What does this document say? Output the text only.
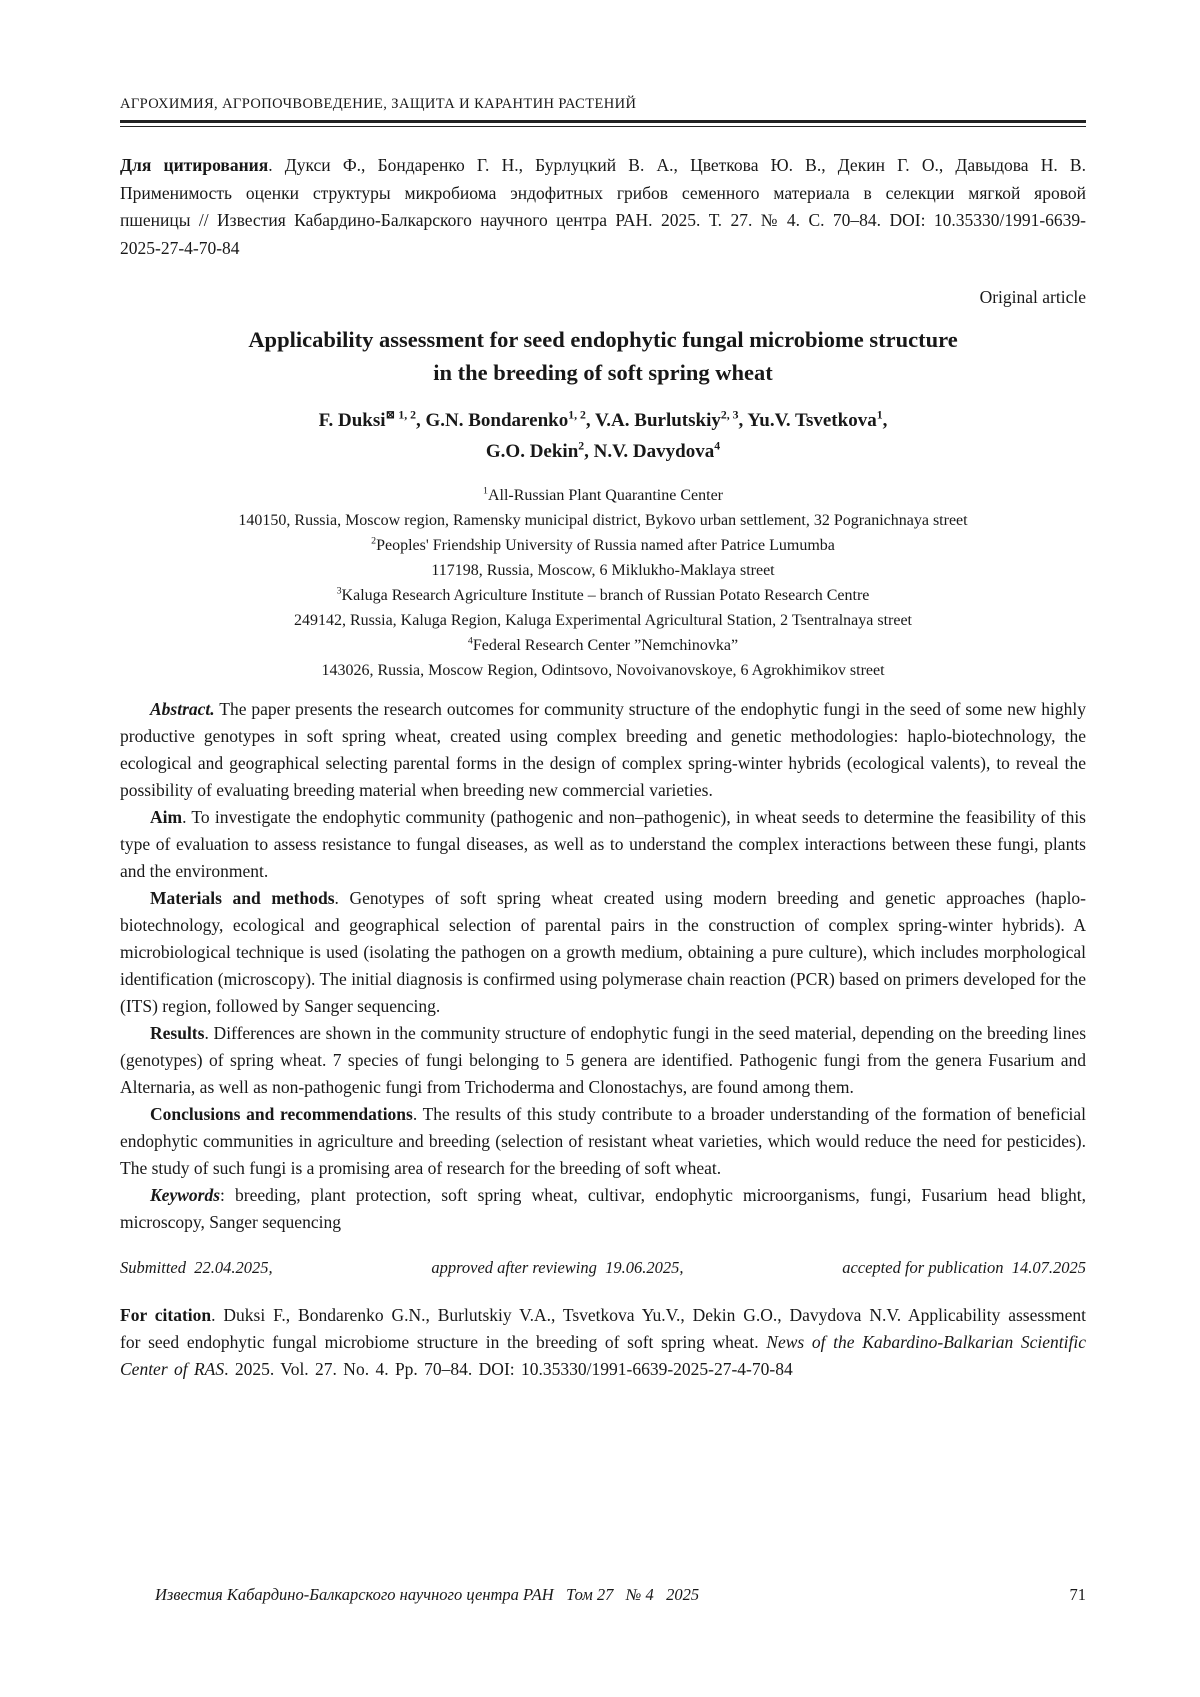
АГРОХИМИЯ, АГРОПОЧВОВЕДЕНИЕ, ЗАЩИТА И КАРАНТИН РАСТЕНИЙ

Для цитирования. Дукси Ф., Бондаренко Г. Н., Бурлуцкий В. А., Цветкова Ю. В., Декин Г. О., Давыдова Н. В. Применимость оценки структуры микробиома эндофитных грибов семенного материала в селекции мягкой яровой пшеницы // Известия Кабардино-Балкарского научного центра РАН. 2025. Т. 27. № 4. С. 70–84. DOI: 10.35330/1991-6639-2025-27-4-70-84

Original article
Applicability assessment for seed endophytic fungal microbiome structure
in the breeding of soft spring wheat
F. Duksi⊠ $^{1, 2}$, G.N. Bondarenko$^{1, 2}$, V.A. Burlutskiy$^{2, 3}$, Yu.V. Tsvetkova$^1$,
G.O. Dekin$^2$, N.V. Davydova$^4$
$^1$All-Russian Plant Quarantine Center
140150, Russia, Moscow region, Ramensky municipal district, Bykovo urban settlement, 32 Pogranichnaya street
$^2$Peoples' Friendship University of Russia named after Patrice Lumumba
117198, Russia, Moscow, 6 Miklukho-Maklaya street
$^3$Kaluga Research Agriculture Institute – branch of Russian Potato Research Centre
249142, Russia, Kaluga Region, Kaluga Experimental Agricultural Station, 2 Tsentralnaya street
$^4$Federal Research Center ”Nemchinovka”
143026, Russia, Moscow Region, Odintsovo, Novoivanovskoye, 6 Agrokhimikov street

Abstract. The paper presents the research outcomes for community structure of the endophytic fungi in the seed of some new highly productive genotypes in soft spring wheat, created using complex breeding and genetic methodologies: haplo-biotechnology, the ecological and geographical selecting parental forms in the design of complex spring-winter hybrids (ecological valents), to reveal the possibility of evaluating breeding material when breeding new commercial varieties.

Aim. To investigate the endophytic community (pathogenic and non–pathogenic), in wheat seeds to determine the feasibility of this type of evaluation to assess resistance to fungal diseases, as well as to understand the complex interactions between these fungi, plants and the environment.

Materials and methods. Genotypes of soft spring wheat created using modern breeding and genetic approaches (haplo-biotechnology, ecological and geographical selection of parental pairs in the construction of complex spring-winter hybrids). A microbiological technique is used (isolating the pathogen on a growth medium, obtaining a pure culture), which includes morphological identification (microscopy). The initial diagnosis is confirmed using polymerase chain reaction (PCR) based on primers developed for the (ITS) region, followed by Sanger sequencing.

Results. Differences are shown in the community structure of endophytic fungi in the seed material, depending on the breeding lines (genotypes) of spring wheat. 7 species of fungi belonging to 5 genera are identified. Pathogenic fungi from the genera Fusarium and Alternaria, as well as non-pathogenic fungi from Trichoderma and Clonostachys, are found among them.

Conclusions and recommendations. The results of this study contribute to a broader understanding of the formation of beneficial endophytic communities in agriculture and breeding (selection of resistant wheat varieties, which would reduce the need for pesticides). The study of such fungi is a promising area of research for the breeding of soft wheat.

Keywords: breeding, plant protection, soft spring wheat, cultivar, endophytic microorganisms, fungi, Fusarium head blight, microscopy, Sanger sequencing

Submitted  22.04.2025,	approved after reviewing  19.06.2025,	accepted for publication  14.07.2025

For citation. Duksi F., Bondarenko G.N., Burlutskiy V.A., Tsvetkova Yu.V., Dekin G.O., Davydova N.V. Applicability assessment for seed endophytic fungal microbiome structure in the breeding of soft spring wheat. News of the Kabardino-Balkarian Scientific Center of RAS. 2025. Vol. 27. No. 4. Pp. 70–84. DOI: 10.35330/1991-6639-2025-27-4-70-84

Известия Кабардино-Балкарского научного центра РАН   Том 27   № 4   2025	71
